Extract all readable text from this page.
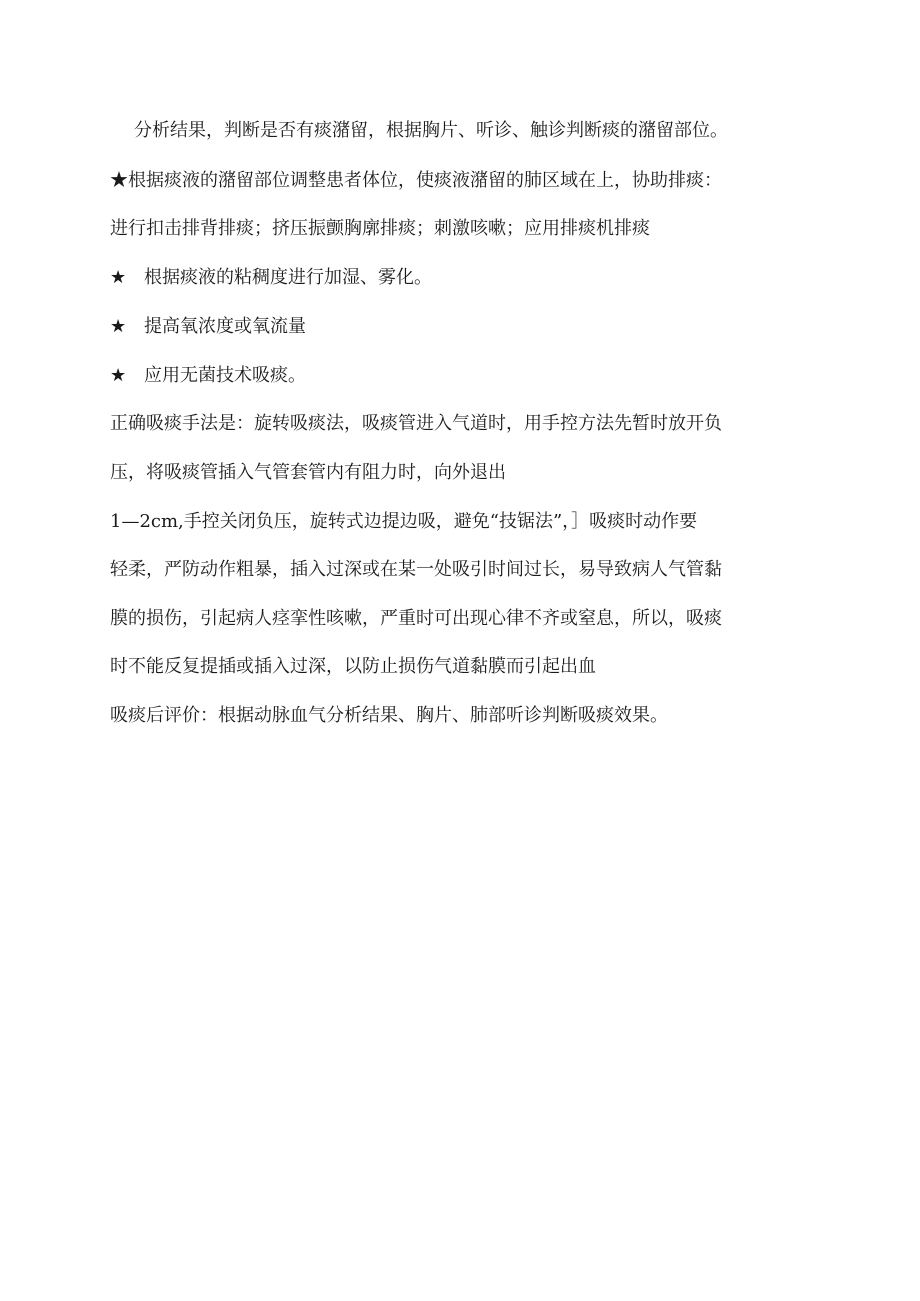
分析结果，判断是否有痰潴留，根据胸片、听诊、触诊判断痰的潴留部位。
★根据痰液的潴留部位调整患者体位，使痰液潴留的肺区域在上，协助排痰：
进行扣击排背排痰；挤压振颤胸廓排痰；刺激咳嗽；应用排痰机排痰
★ 根据痰液的粘稠度进行加湿、雾化。
★ 提高氧浓度或氧流量
★ 应用无菌技术吸痰。
正确吸痰手法是：旋转吸痰法，吸痰管进入气道时，用手控方法先暂时放开负
压，将吸痰管插入气管套管内有阻力时，向外退出
1—2cm,手控关闭负压，旋转式边提边吸，避免“技锯法”，］吸痰时动作要
轻柔，严防动作粗暴，插入过深或在某一处吸引时间过长，易导致病人气管黏
膜的损伤，引起病人痉挛性咳嗽，严重时可出现心律不齐或窒息，所以，吸痰
时不能反复提插或插入过深，以防止损伤气道黏膜而引起出血
吸痰后评价：根据动脉血气分析结果、胸片、肺部听诊判断吸痰效果。
